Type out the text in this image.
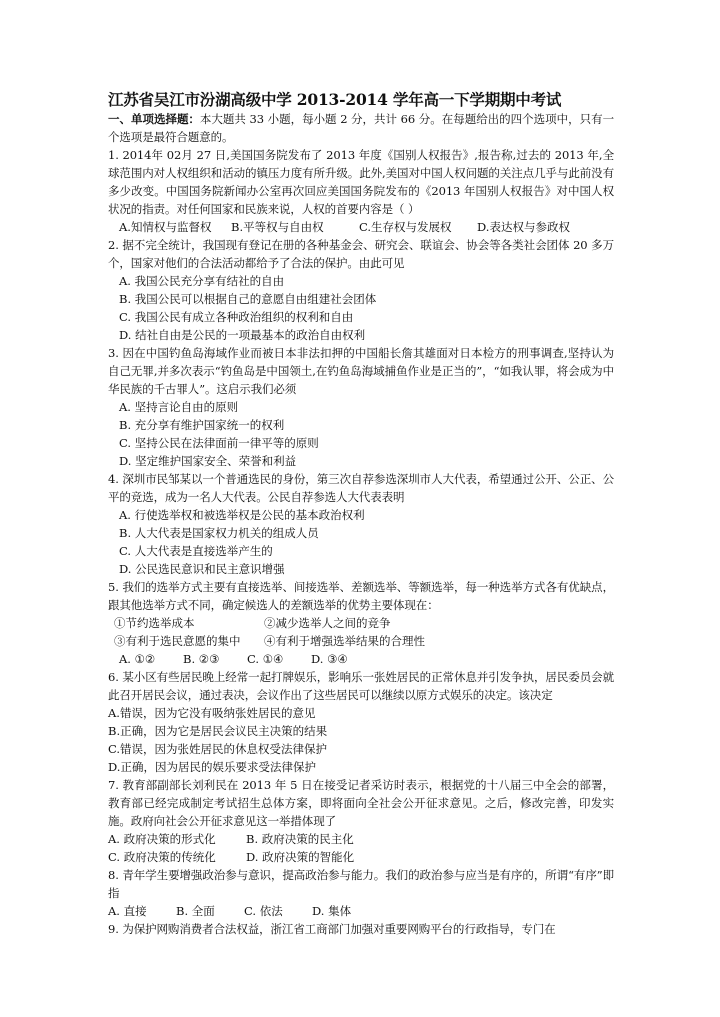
江苏省吴江市汾湖高级中学 2013-2014 学年高一下学期期中考试

一、单项选择题：本大题共 33 小题，每小题 2 分，共计 66 分。在每题给出的四个选项中，只有一个选项是最符合题意的。

1. 2014年 02月 27 日,美国国务院发布了 2013 年度《国别人权报告》,报告称,过去的 2013 年,全球范围内对人权组织和活动的镇压力度有所升级。此外,美国对中国人权问题的关注点几乎与此前没有多少改变。中国国务院新闻办公室再次回应美国国务院发布的《2013 年国别人权报告》对中国人权状况的指责。对任何国家和民族来说，人权的首要内容是（ ）

A.知情权与监督权 B.平等权与自由权	C.生存权与发展权 D.表达权与参政权

2. 据不完全统计，我国现有登记在册的各种基金会、研究会、联谊会、协会等各类社会团体 20 多万个，国家对他们的合法活动都给予了合法的保护。由此可见

A. 我国公民充分享有结社的自由

B. 我国公民可以根据自己的意愿自由组建社会团体

C. 我国公民有成立各种政治组织的权利和自由

D. 结社自由是公民的一项最基本的政治自由权利

3. 因在中国钓鱼岛海域作业而被日本非法扣押的中国船长詹其雄面对日本检方的刑事调查,坚持认为自己无罪,并多次表示“钓鱼岛是中国领土,在钓鱼岛海域捕鱼作业是正当的”，“如我认罪，将会成为中华民族的千古罪人”。这启示我们必须

A. 坚持言论自由的原则

B. 充分享有维护国家统一的权利

C. 坚持公民在法律面前一律平等的原则

D. 坚定维护国家安全、荣誉和利益

4. 深圳市民邹某以一个普通选民的身份，第三次自荐参选深圳市人大代表，希望通过公开、公正、公平的竞选，成为一名人大代表。公民自荐参选人大代表表明

A. 行使选举权和被选举权是公民的基本政治权利

B. 人大代表是国家权力机关的组成人员

C. 人大代表是直接选举产生的

D. 公民选民意识和民主意识增强

5. 我们的选举方式主要有直接选举、间接选举、差额选举、等额选举，每一种选举方式各有优缺点，跟其他选举方式不同，确定候选人的差额选举的优势主要体现在：

①节约选举成本	②减少选举人之间的竞争

③有利于选民意愿的集中 ④有利于增强选举结果的合理性

A. ①② B. ②③ C. ①④ D. ③④

6. 某小区有些居民晚上经常一起打牌娱乐，影响乐一张姓居民的正常休息并引发争执，居民委员会就此召开居民会议，通过表决，会议作出了这些居民可以继续以原方式娱乐的决定。该决定

A.错误，因为它没有吸纳张姓居民的意见

B.正确，因为它是居民会议民主决策的结果

C.错误，因为张姓居民的休息权受法律保护

D.正确，因为居民的娱乐要求受法律保护

7. 教育部副部长刘利民在 2013 年 5 日在接受记者采访时表示，根据党的十八届三中全会的部署，教育部已经完成制定考试招生总体方案，即将面向全社会公开征求意见。之后，修改完善，印发实施。政府向社会公开征求意见这一举措体现了

A. 政府决策的形式化	B. 政府决策的民主化

C. 政府决策的传统化	D. 政府决策的智能化

8. 青年学生要增强政治参与意识，提高政治参与能力。我们的政治参与应当是有序的，所谓“有序”即指

A. 直接	B. 全面	C. 依法	D. 集体

9. 为保护网购消费者合法权益，浙江省工商部门加强对重要网购平台的行政指导，专门在
